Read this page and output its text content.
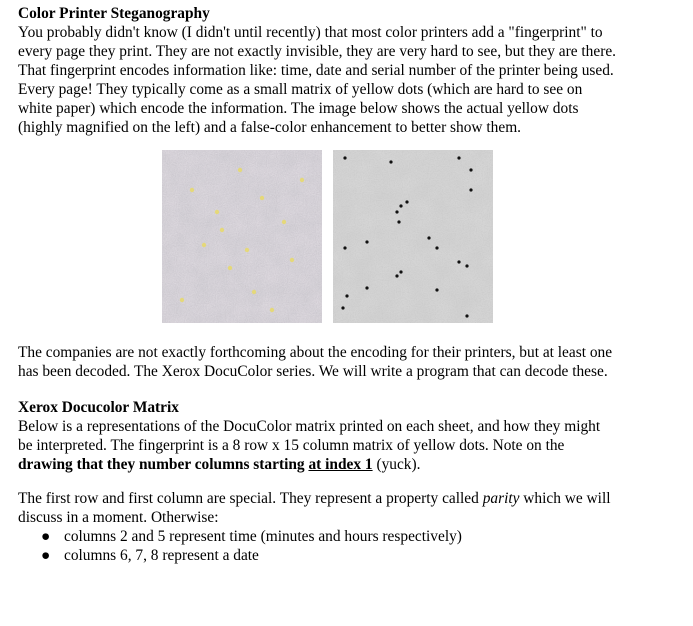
Color Printer Steganography

You probably didn't know (I didn't until recently) that most color printers add a "fingerprint" to

every page they print. They are not exactly invisible, they are very hard to see, but they are there.

That fingerprint encodes information like: time, date and serial number of the printer being used.

Every page! They typically come as a small matrix of yellow dots (which are hard to see on

white paper) which encode the information. The image below shows the actual yellow dots

(highly magnified on the left) and a false-color enhancement to better show them.

The companies are not exactly forthcoming about the encoding for their printers, but at least one

has been decoded. The Xerox DocuColor series. We will write a program that can decode these.

Xerox Docucolor Matrix

Below is a representations of the DocuColor matrix printed on each sheet, and how they might

be interpreted. The fingerprint is a 8 row x 15 column matrix of yellow dots. Note on the

drawing that they number columns starting at index 1 (yuck).

The first row and first column are special. They represent a property called parity which we will

discuss in a moment. Otherwise:

● columns 2 and 5 represent time (minutes and hours respectively)
● columns 6, 7, 8 represent a date
